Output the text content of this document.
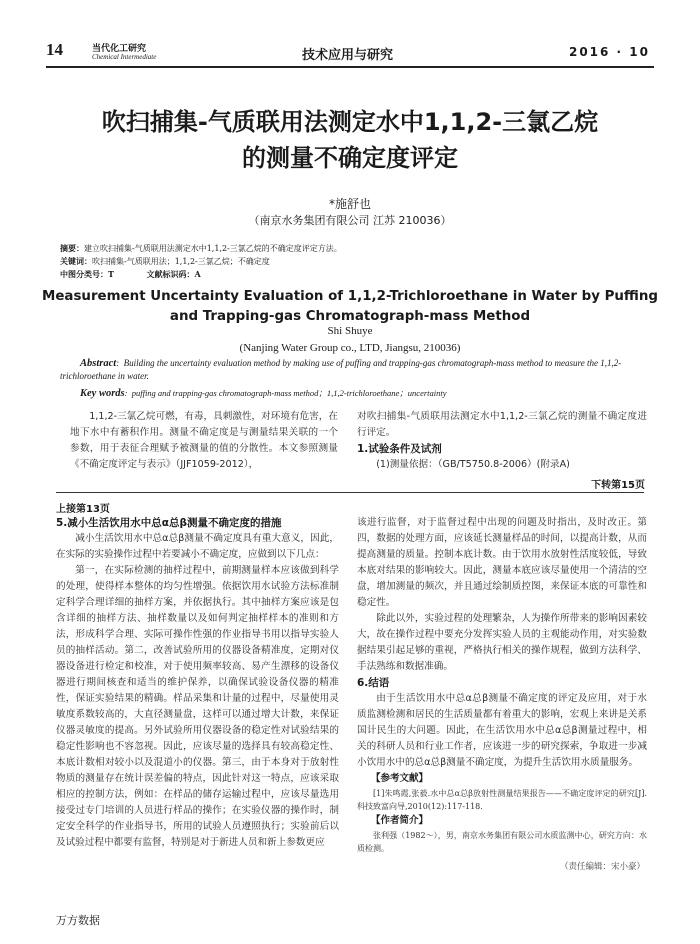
14	当代化工研究
Chemical Intermediate	技术应用与研究	2016 · 10
吹扫捕集-气质联用法测定水中1,1,2-三氯乙烷
的测量不确定度评定
*施舒也
（南京水务集团有限公司 江苏 210036）
摘要：建立吹扫捕集-气质联用法测定水中1,1,2-三氯乙烷的不确定度评定方法。
关键词：吹扫捕集-气质联用法；1,1,2-三氯乙烷；不确定度
中图分类号：T	文献标识码：A
Measurement Uncertainty Evaluation of 1,1,2-Trichloroethane in Water by Puffing and Trapping-gas Chromatograph-mass Method
Shi Shuye
(Nanjing Water Group co., LTD, Jiangsu, 210036)
Abstract:  Building the uncertainty evaluation method by making use of puffing and trapping-gas chromatograph-mass method to measure the 1,1,2-trichloroethane in water.
Key words:  puffing and trapping-gas chromatograph-mass method；1,1,2-trichloroethane；uncertainty

1,1,2-三氯乙烷可燃，有毒，具刺激性，对环境有危害，在地下水中有蓄积作用。测量不确定度是与测量结果关联的一个参数，用于表征合理赋予被测量的值的分散性。本文参照测量《不确定度评定与表示》（JJF1059-2012），

对吹扫捕集-气质联用法测定水中1,1,2-三氯乙烷的测量不确定度进行评定。

1.试验条件及试剂

(1)测量依据：（GB/T5750.8-2006）(附录A)

下转第15页
上接第13页

5.减小生活饮用水中总α总β测量不确定度的措施

减小生活饮用水中总α总β测量不确定度具有重大意义，因此，在实际的实验操作过程中若要减小不确定度，应做到以下几点：

第一，在实际检测的抽样过程中，前期测量样本应该做到科学的处理，使得样本整体的均匀性增强。依据饮用水试验方法标准制定科学合理详细的抽样方案，并依据执行。其中抽样方案应该是包含详细的抽样方法、抽样数量以及如何判定抽样样本的准则和方法，形成科学合理、实际可操作性强的作业指导书用以指导实验人员的抽样活动。第二，改善试验所用的仪器设备精准度，定期对仪器设备进行检定和校准，对于使用频率较高、易产生漂移的设备仪器进行期间核查和适当的维护保养，以确保试验设备仪器的精准性，保证实验结果的精确。样品采集和计量的过程中，尽量使用灵敏度系数较高的，大直径测量盘，这样可以通过增大计数，来保证仪器灵敏度的提高。另外试验所用仪器设备的稳定性对试验结果的稳定性影响也不容忽视。因此，应该尽量的选择具有较高稳定性、本底计数相对较小以及混道小的仪器。第三，由于本身对于放射性物质的测量存在统计误差偏的特点，因此针对这一特点，应该采取相应的控制方法，例如：在样品的储存运输过程中，应该尽量选用接受过专门培训的人员进行样品的操作；在实验仪器的操作时，制定安全科学的作业指导书，所用的试验人员遵照执行；实验前后以及试验过程中都要有监督，特别是对于新进人员和新上参数更应

该进行监督，对于监督过程中出现的问题及时指出，及时改正。第四，数据的处理方面，应该延长测量样品的时间，以提高计数，从而提高测量的质量。控制本底计数。由于饮用水放射性活度较低，导致本底对结果的影响较大。因此，测量本底应该尽量使用一个清洁的空盘，增加测量的频次，并且通过绘制质控图，来保证本底的可靠性和稳定性。

除此以外，实验过程的处理繁杂，人为操作所带来的影响因素较大，故在操作过程中要充分发挥实验人员的主观能动作用，对实验数据结果引起足够的重视，严格执行相关的操作规程，做到方法科学、手法熟练和数据准确。

6.结语

由于生活饮用水中总α总β测量不确定度的评定及应用，对于水质监测检测和居民的生活质量都有着重大的影响，宏观上来讲是关系国计民生的大问题。因此，在生活饮用水中总α总β测量过程中，相关的科研人员和行业工作者，应该进一步的研究探索，争取进一步减小饮用水中的总α总β测量不确定度，为提升生活饮用水质量服务。

【参考文献】

[1]朱鸣霞,张毅.水中总α总β放射性测量结果报告——不确定度评定的研究[J].科技致富向导,2010(12):117-118.

【作者简介】

张利强（1982～），男，南京水务集团有限公司水质监测中心，研究方向：水质检测。

（责任编辑：宋小豪）

万方数据
